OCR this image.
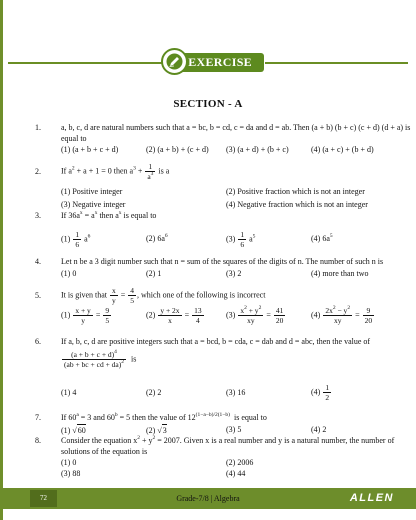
EXERCISE
SECTION - A
1.	a, b, c, d are natural numbers such that a = bc, b = cd, c = da and d = ab. Then (a + b) (b + c) (c + d) (d + a) is equal to
(1) (a + b + c + d)	(2) (a + b) + (c + d) (3) (a + d) + (b + c)	(4) (a + c) + (b + d)
2.	If $a^2 + a + 1 = 0$ then $a^3 + \frac{1}{a^3}$ is a
(1) Positive integer	(2) Positive fraction which is not an integer
(3) Negative integer	(4) Negative fraction which is not an integer
3.	If $36a^x = a^x$ then $a^x$ is equal to
$(1) \frac{1}{6} a^6$	(2) $6a^6$	$(3) \frac{1}{6} a^5$	(4) $6a^5$
4.	Let n be a 3 digit number such that n = sum of the squares of the digits of n. The number of such n is
(1) 0	(2) 1	(3) 2	(4) more than two
5.	It is given that $\frac{x}{y} = \frac{4}{5}$ , which one of the following is incorrect
$(1) \frac{x + y}{y} = \frac{9}{5}$	$(2) \frac{y + 2x}{x} = \frac{13}{4}$	$(3) \frac{x^2 + y^2}{xy} = \frac{41}{20}$	$(4) \frac{2x^2 - y^2}{xy} = \frac{9}{20}$
6.	If a, b, c, d are positive integers such that a = bcd, b = cda, c = dab and d = abc, then the value of
$\frac{(a + b + c + d)^4}{(ab + bc + cd + da)^2}$ is
(1) 4	(2) 2	(3) 16	$(4) \frac{1}{2}$
7.	If $60^a = 3$ and $60^b = 5$ then the value of $12^{(1-a-b)/2(1-b)}$ is equal to
(1) √60	(2) √3	(3) 5	(4) 2
8.	Consider the equation $x^2 + y^2 = 2007$. Given x is a real number and y is a natural number, the number of solutions of the equation is
(1) 0	(2) 2006
(3) 88	(4) 44
72	Grade-7/8 | Algebra	ALLEN
